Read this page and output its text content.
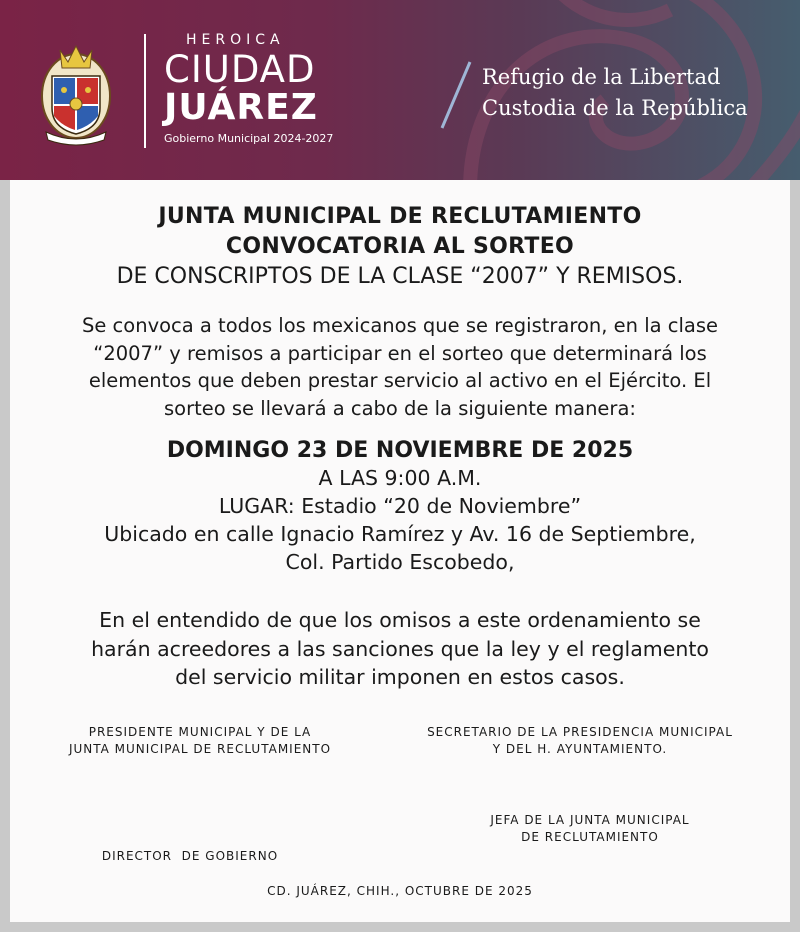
HEROICA
CIUDAD
JUÁREZ
Gobierno Municipal 2024-2027
Refugio de la Libertad
Custodia de la República
JUNTA MUNICIPAL DE RECLUTAMIENTO
CONVOCATORIA AL SORTEO
DE CONSCRIPTOS DE LA CLASE “2007” Y REMISOS.
Se convoca a todos los mexicanos que se registraron, en la clase
“2007” y remisos a participar en el sorteo que determinará los
elementos que deben prestar servicio al activo en el Ejército. El
sorteo se llevará a cabo de la siguiente manera:
DOMINGO 23 DE NOVIEMBRE DE 2025
A LAS 9:00 A.M.
LUGAR: Estadio “20 de Noviembre”
Ubicado en calle Ignacio Ramírez y Av. 16 de Septiembre,
Col. Partido Escobedo,
En el entendido de que los omisos a este ordenamiento se
harán acreedores a las sanciones que la ley y el reglamento
del servicio militar imponen en estos casos.
PRESIDENTE MUNICIPAL Y DE LA
JUNTA MUNICIPAL DE RECLUTAMIENTO
SECRETARIO DE LA PRESIDENCIA MUNICIPAL
Y DEL H. AYUNTAMIENTO.

DIRECTOR  DE GOBIERNO

JEFA DE LA JUNTA MUNICIPAL
DE RECLUTAMIENTO
CD. JUÁREZ, CHIH., OCTUBRE DE 2025
